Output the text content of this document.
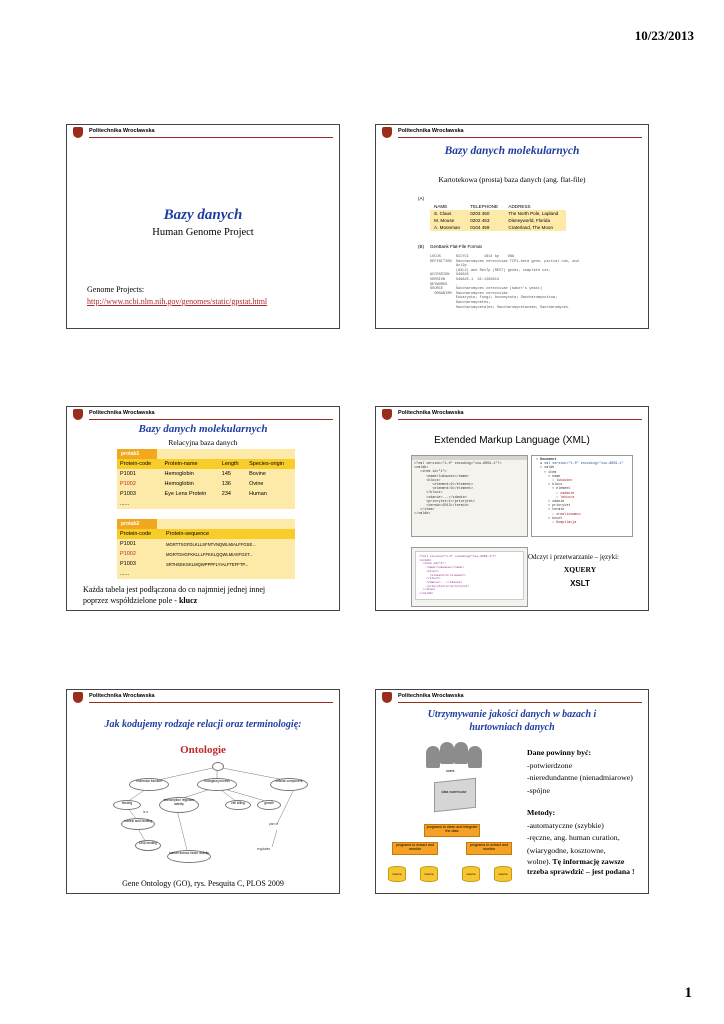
10/23/2013
Politechnika Wrocławska
Bazy danych
Human Genome Project
Genome Projects:
http://www.ncbi.nlm.nih.gov/genomes/static/gpstat.html
Politechnika Wrocławska
Bazy danych molekularnych
Kartotekowa (prosta) baza danych (ang. flat-file)
(A)
NAME	TELEPHONE	ADDRESS
S. Claus	0203 450	The North Pole, Lapland
M. Mouse	0202 453	Disneyworld, Florida
A. Moonman	0104 459	Craterland, The Moon
(B) GenBank Flat-File Format
LOCUS       SCCYC1       1614 bp    DNA
DEFINITION  Saccharomyces cerevisiae TCP1-beta gene, partial cds, and
Axl2p
(AXL2) and Rev7p (REV7) genes, complete cds.
ACCESSION   U49845
VERSION     U49845.1  GI:1293613
KEYWORDS    .
SOURCE      Saccharomyces cerevisiae (baker's yeast)
ORGANISM  Saccharomyces cerevisiae
Eukaryota; Fungi; Ascomycota; Saccharomycotina;
Saccharomycetes;
Saccharomycetales; Saccharomycetaceae; Saccharomyces.
Politechnika Wrocławska
Bazy danych molekularnych
Relacyjna baza danych
protab1
Protein-code	Protein-name	Length	Species-origin
P1001	Hemoglobin	145	Bovine
P1002	Hemoglobin	136	Ovine
P1003	Eye Lens Protein	234	Human
......			
protab2
Protein-code	Protein-sequence
P1001	MGRTTSGFDLKLLSFNTVNQWLMIALFFGSE...
P1002	MGRTGHGFKKLLLFFKKLQQWLMIAIIFGST...
P1003	SRTHEEKGKLMQWPPPFLYIALFTEFFTP...
......	
Każda tabela jest podłączona do co najmniej jednej innej
poprzez współdzielone pole - klucz
Politechnika Wrocławska
Extended Markup Language (XML)
<?xml version="1.0" encoding="iso-8859-1"?>
<xmldb>
<item id="1">
<name>lukowiec</name>
<klucz>
<element>2</element>
<element>3</element>
</klucz>
<zdanie>...</zdanie>
<priorytet>1</priorytet>
<termin>2013</termin>
</item>
</xmldb>
▾ Document
● xml version="1.0" encoding="iso-8859-1"
▾ xmldb
▾ item
▾ name
○ lukowiec
▾ klucz
▾ element
○ zadanie
○ lektura
▾ zdanie
▾ priorytet
▾ termin
○ zrealizowano
▾ koszt
○ Kompilacja
<?xml version="1.0" encoding="iso-8859-1"?>
<xmldb>
<item id="1">
<name>lukowiec</name>
<klucz>
<element>2</element>
</klucz>
<zdanie>...</zdanie>
<priorytet>1</priorytet>
</item>
</xmldb>
Odczyt i przetwarzanie – języki:
XQUERY
XSLT
Politechnika Wrocławska
Jak kodujemy rodzaje relacji oraz terminologię:
Ontologie
molecular function	biological process	cellular component
binding
transcription regulator activity	cell killing	growth
nucleic acid binding
DNA binding
human tumour factor activity
part of
is a
regulates
Gene Ontology (GO), rys. Pesquita C, PLOS 2009
Politechnika Wrocławska
Utrzymywanie jakości danych w bazach i
hurtowniach danych
users
data warehouse
programs to clean and integrate the data
programs to extract and monitor
programs to extract and monitor
source	source	source	source
Dane powinny być:
-potwierdzone
-nieredundantne (nienadmiarowe)
-spójne
Metody:
-automatyczne (szybkie)
-ręczne, ang. human curation,
(wiarygodne, kosztowne,
wolne). Tę informację zawsze trzeba sprawdzić – jest podana !
1
